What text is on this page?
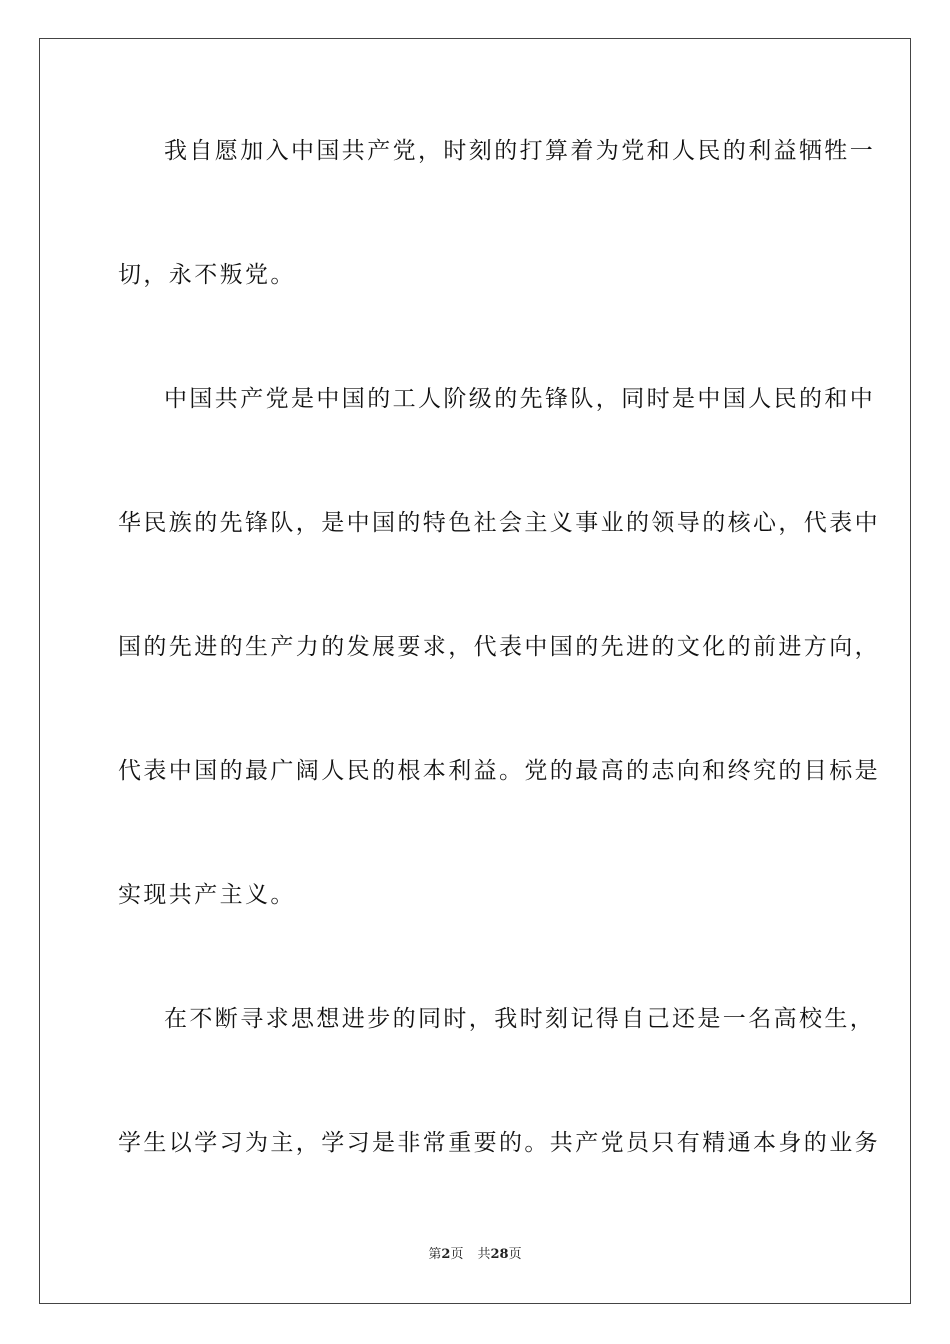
我自愿加入中国共产党，时刻的打算着为党和人民的利益牺牲一
切，永不叛党。
中国共产党是中国的工人阶级的先锋队，同时是中国人民的和中
华民族的先锋队，是中国的特色社会主义事业的领导的核心，代表中
国的先进的生产力的发展要求，代表中国的先进的文化的前进方向，
代表中国的最广阔人民的根本利益。党的最高的志向和终究的目标是
实现共产主义。
在不断寻求思想进步的同时，我时刻记得自己还是一名高校生，
学生以学习为主，学习是非常重要的。共产党员只有精通本身的业务
第2页 共28页
